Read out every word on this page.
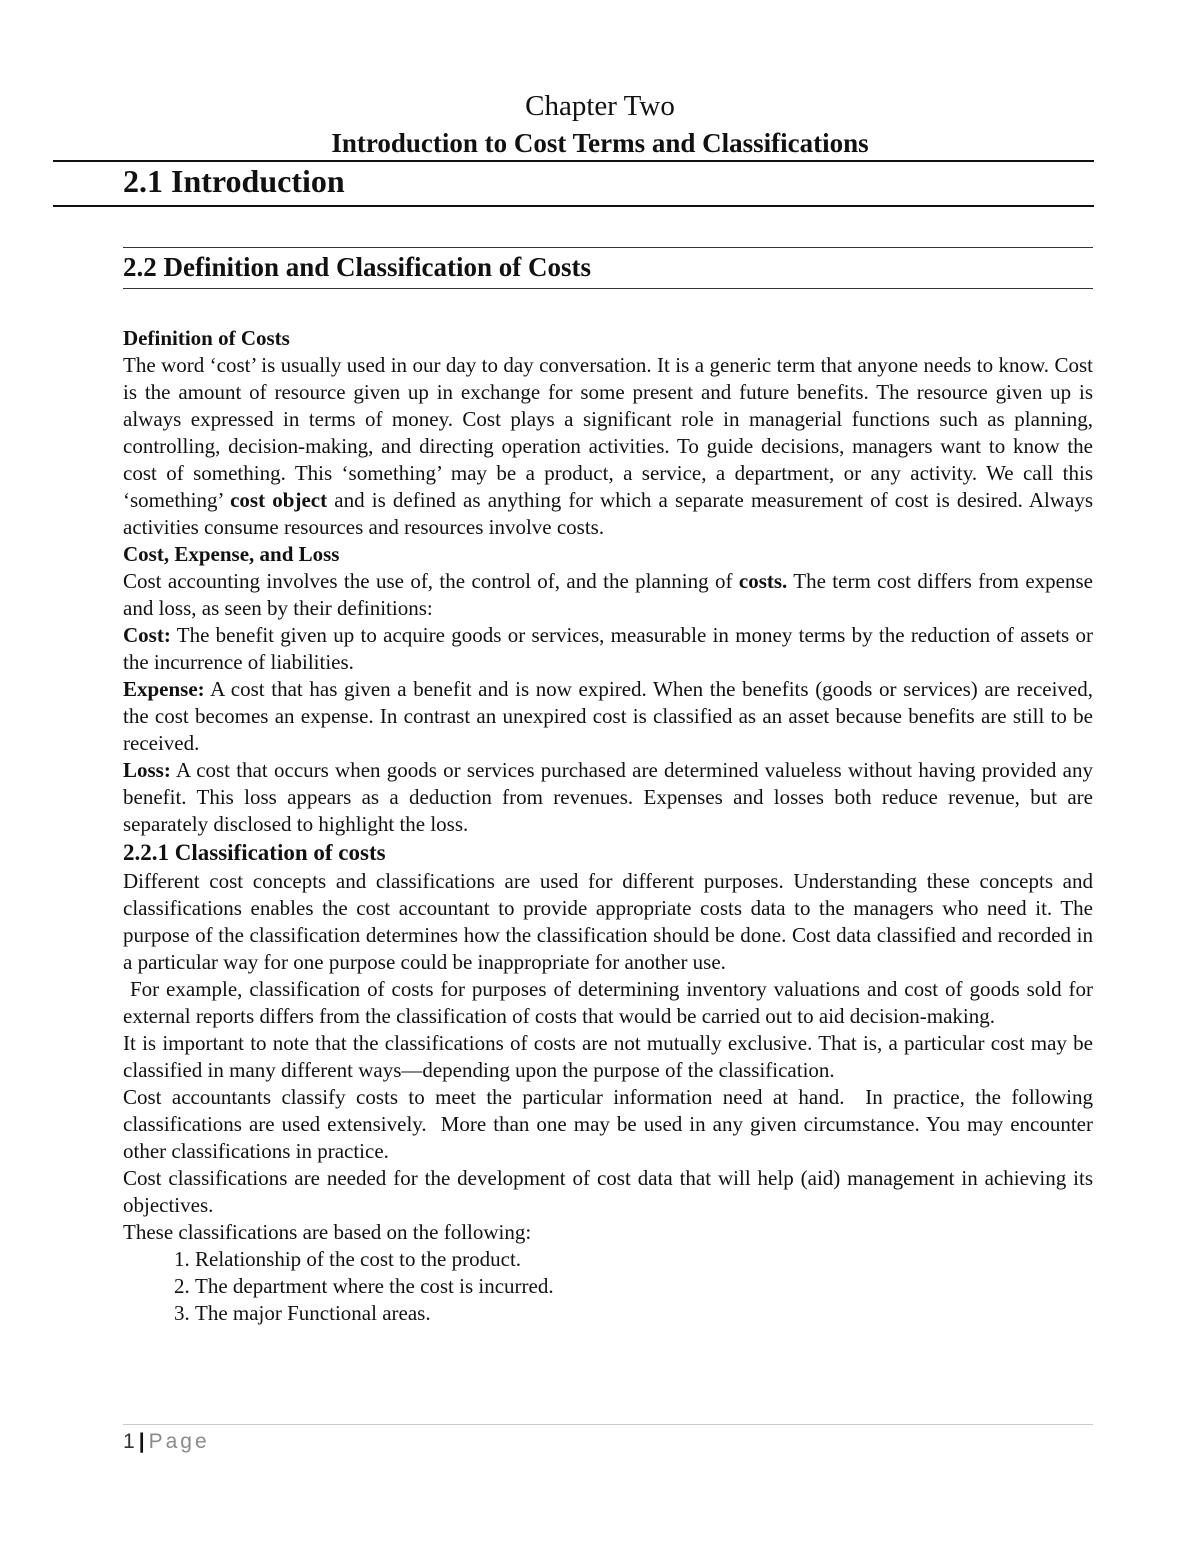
Chapter Two
Introduction to Cost Terms and Classifications
2.1 Introduction
2.2 Definition and Classification of Costs

Definition of Costs

The word ‘cost’ is usually used in our day to day conversation. It is a generic term that anyone needs to know. Cost is the amount of resource given up in exchange for some present and future benefits. The resource given up is always expressed in terms of money. Cost plays a significant role in managerial functions such as planning, controlling, decision-making, and directing operation activities. To guide decisions, managers want to know the cost of something. This ‘something’ may be a product, a service, a department, or any activity. We call this ‘something’ cost object and is defined as anything for which a separate measurement of cost is desired. Always activities consume resources and resources involve costs.

Cost, Expense, and Loss

Cost accounting involves the use of, the control of, and the planning of costs. The term cost differs from expense and loss, as seen by their definitions:

Cost: The benefit given up to acquire goods or services, measurable in money terms by the reduction of assets or the incurrence of liabilities.

Expense: A cost that has given a benefit and is now expired. When the benefits (goods or services) are received, the cost becomes an expense. In contrast an unexpired cost is classified as an asset because benefits are still to be received.

Loss: A cost that occurs when goods or services purchased are determined valueless without having provided any benefit. This loss appears as a deduction from revenues. Expenses and losses both reduce revenue, but are separately disclosed to highlight the loss.

2.2.1 Classification of costs

Different cost concepts and classifications are used for different purposes. Understanding these concepts and classifications enables the cost accountant to provide appropriate costs data to the managers who need it. The purpose of the classification determines how the classification should be done. Cost data classified and recorded in a particular way for one purpose could be inappropriate for another use.

For example, classification of costs for purposes of determining inventory valuations and cost of goods sold for external reports differs from the classification of costs that would be carried out to aid decision-making.

It is important to note that the classifications of costs are not mutually exclusive. That is, a particular cost may be classified in many different ways—depending upon the purpose of the classification.

Cost accountants classify costs to meet the particular information need at hand.  In practice, the following classifications are used extensively.  More than one may be used in any given circumstance. You may encounter other classifications in practice.

Cost classifications are needed for the development of cost data that will help (aid) management in achieving its objectives.

These classifications are based on the following:

1. Relationship of the cost to the product.
2. The department where the cost is incurred.
3. The major Functional areas.
1 | Page
